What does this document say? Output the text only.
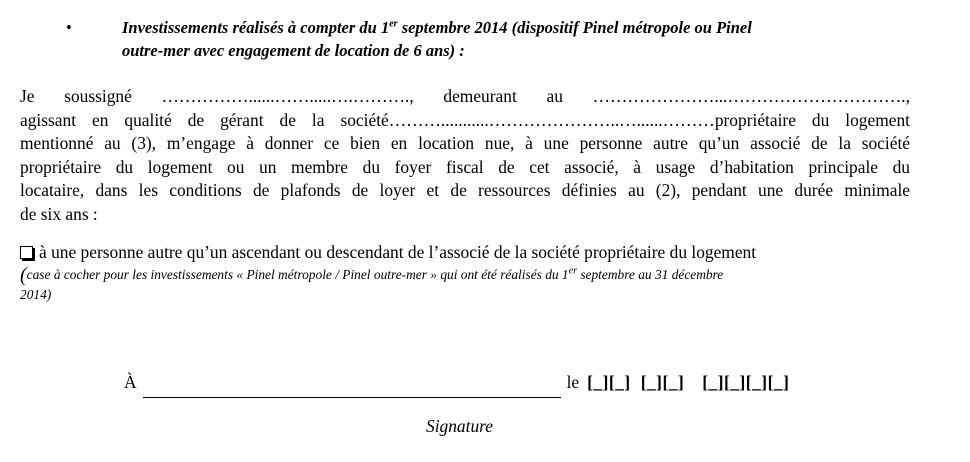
•	Investissements réalisés à compter du 1er septembre 2014 (dispositif Pinel métropole ou Pinel
outre-mer avec engagement de location de 6 ans) :
Je soussigné ……………......…….....….………., demeurant au …………………...………………………….,
agissant en qualité de gérant de la société………...........…………………..…......………propriétaire du logement
mentionné au (3), m’engage à donner ce bien en location nue, à une personne autre qu’un associé de la société
propriétaire du logement ou un membre du foyer fiscal de cet associé, à usage d’habitation principale du
locataire, dans les conditions de plafonds de loyer et de ressources définies au (2), pendant une durée minimale
de six ans :
à une personne autre qu’un ascendant ou descendant de l’associé de la société propriétaire du logement
(case à cocher pour les investissements « Pinel métropole / Pinel outre-mer » qui ont été réalisés du 1er septembre au 31 décembre
2014)
À	le [_][_] [_][_] [_][_][_][_]
Signature
